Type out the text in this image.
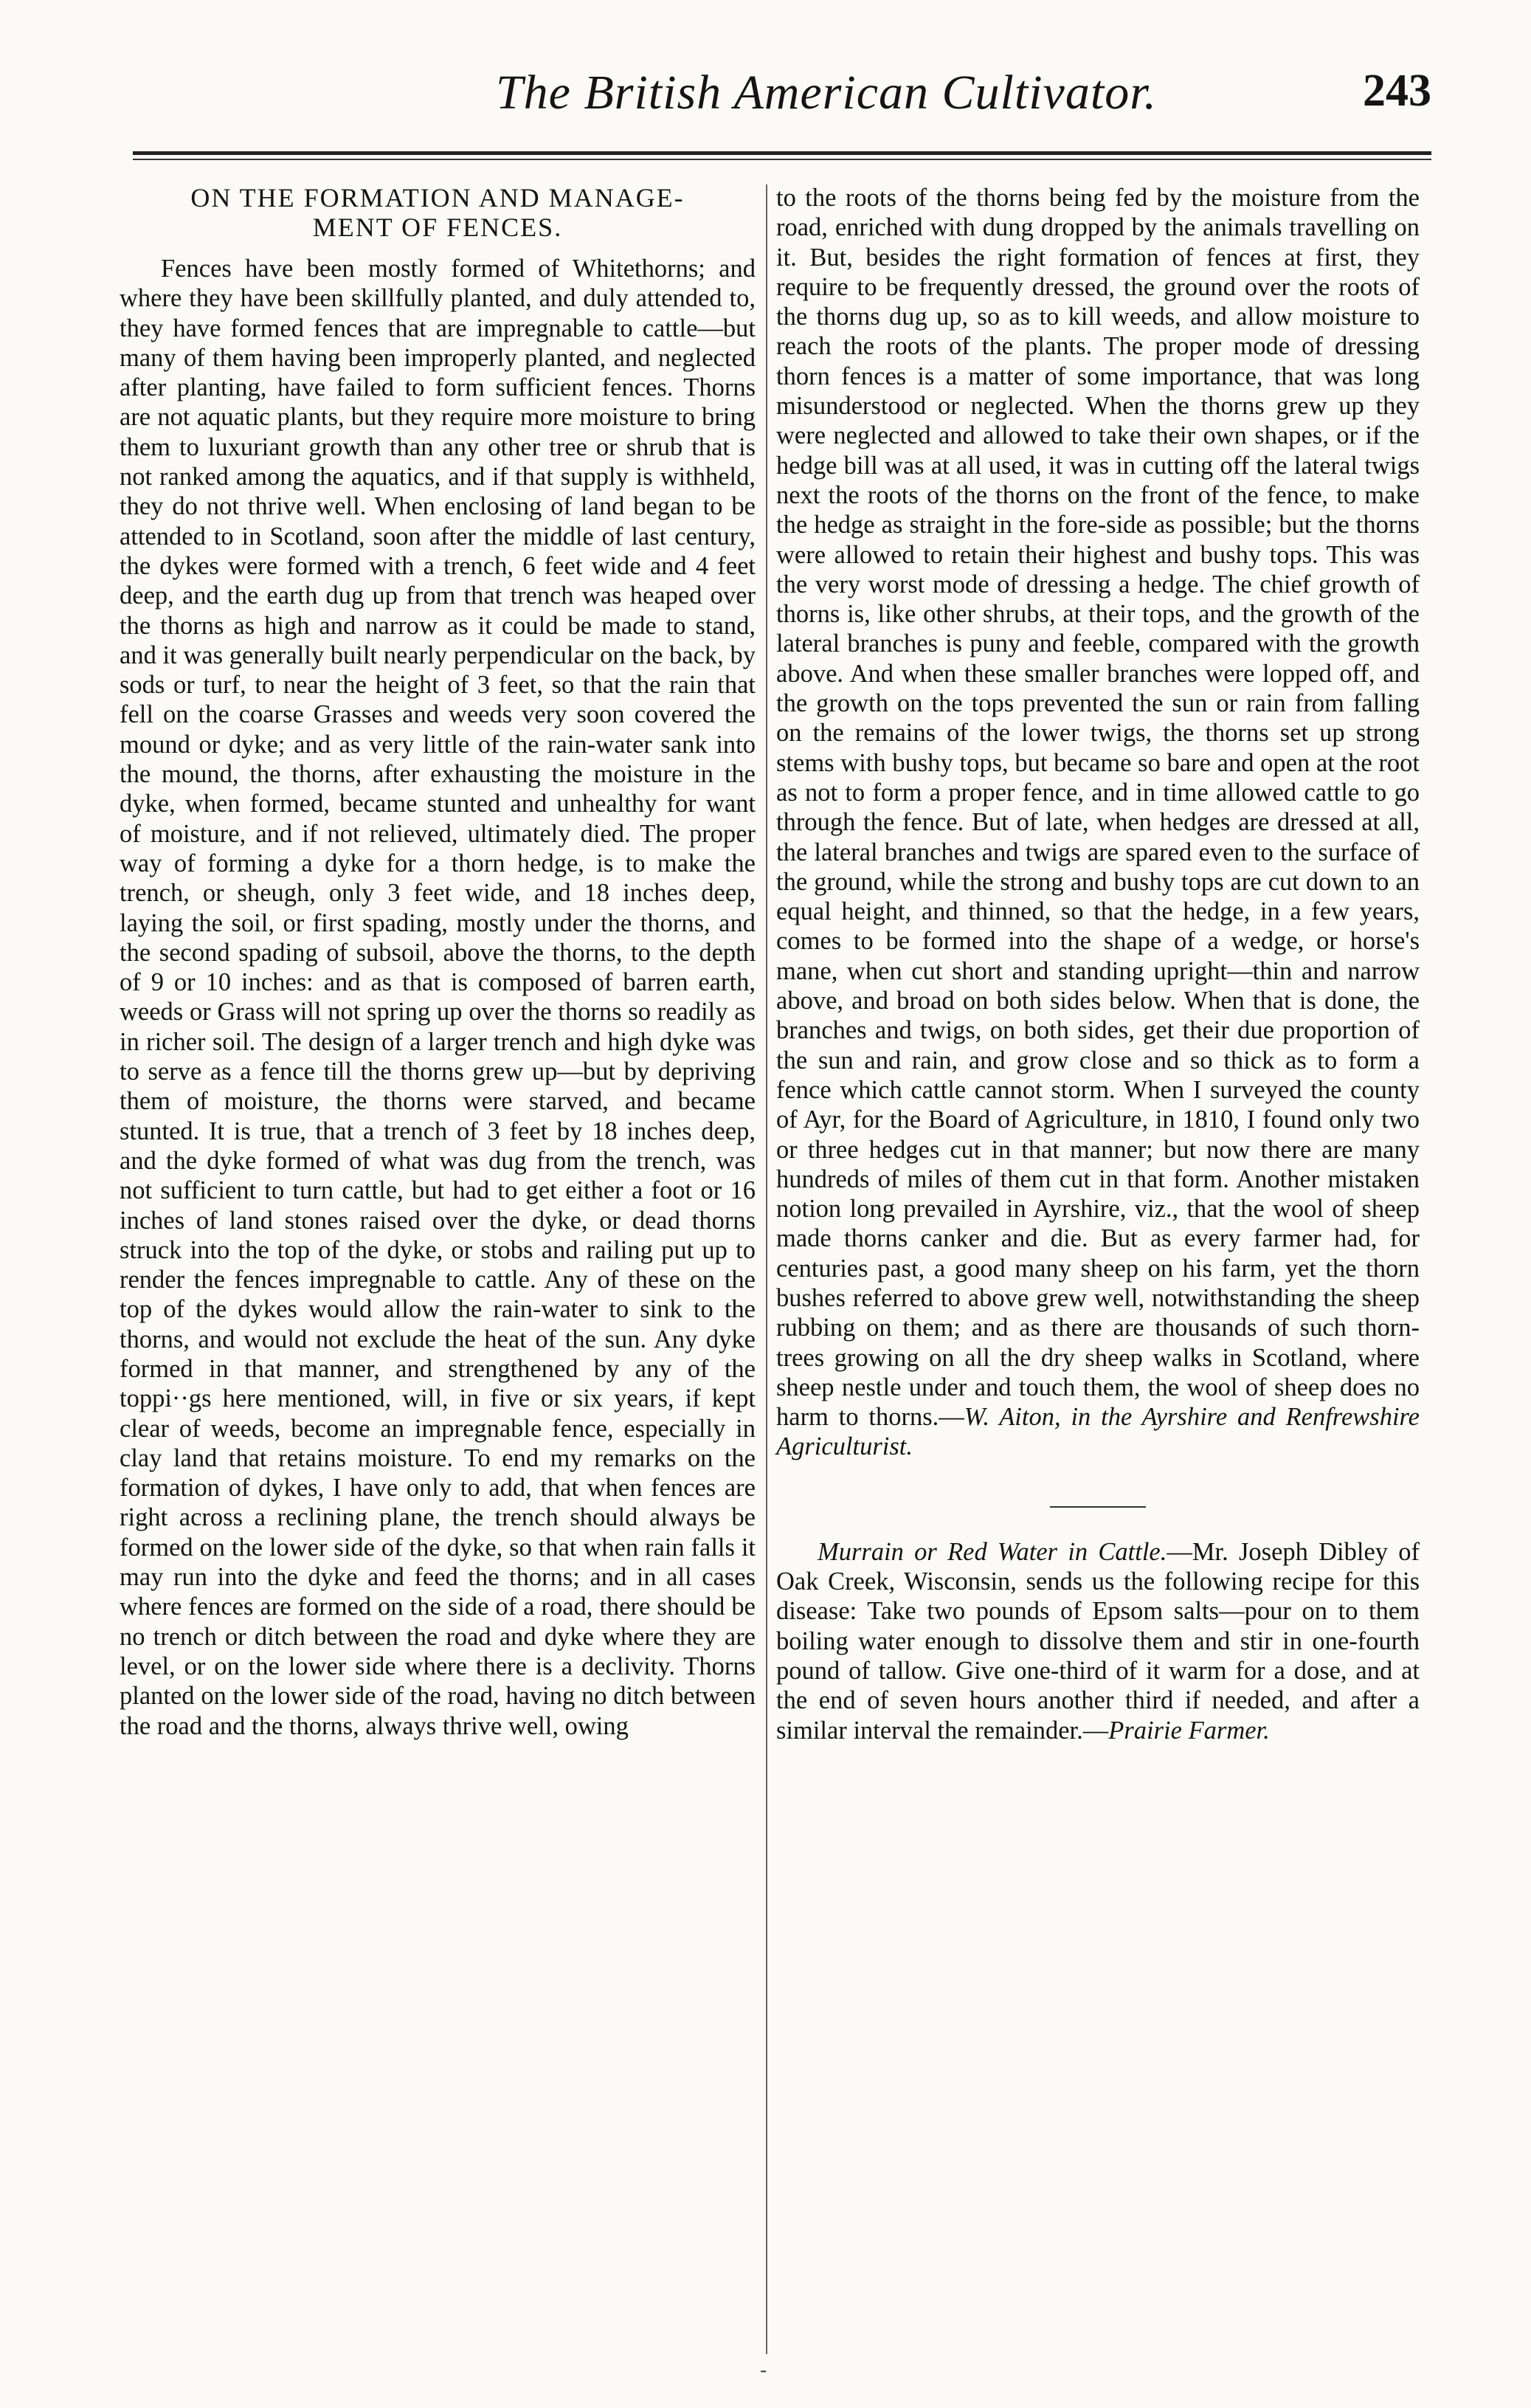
The British American Cultivator.	243
ON THE FORMATION AND MANAGE-
MENT OF FENCES.

Fences have been mostly formed of Whitethorns; and where they have been skillfully planted, and duly attended to, they have formed fences that are impregnable to cattle—but many of them having been improperly planted, and neglected after planting, have failed to form sufficient fences. Thorns are not aquatic plants, but they require more moisture to bring them to luxuriant growth than any other tree or shrub that is not ranked among the aquatics, and if that supply is withheld, they do not thrive well. When enclosing of land began to be attended to in Scotland, soon after the middle of last century, the dykes were formed with a trench, 6 feet wide and 4 feet deep, and the earth dug up from that trench was heaped over the thorns as high and narrow as it could be made to stand, and it was generally built nearly perpendicular on the back, by sods or turf, to near the height of 3 feet, so that the rain that fell on the coarse Grasses and weeds very soon covered the mound or dyke; and as very little of the rain-water sank into the mound, the thorns, after exhausting the moisture in the dyke, when formed, became stunted and unhealthy for want of moisture, and if not relieved, ultimately died. The proper way of forming a dyke for a thorn hedge, is to make the trench, or sheugh, only 3 feet wide, and 18 inches deep, laying the soil, or first spading, mostly under the thorns, and the second spading of subsoil, above the thorns, to the depth of 9 or 10 inches: and as that is composed of barren earth, weeds or Grass will not spring up over the thorns so readily as in richer soil. The design of a larger trench and high dyke was to serve as a fence till the thorns grew up—but by depriving them of moisture, the thorns were starved, and became stunted. It is true, that a trench of 3 feet by 18 inches deep, and the dyke formed of what was dug from the trench, was not sufficient to turn cattle, but had to get either a foot or 16 inches of land stones raised over the dyke, or dead thorns struck into the top of the dyke, or stobs and railing put up to render the fences impregnable to cattle. Any of these on the top of the dykes would allow the rain-water to sink to the thorns, and would not exclude the heat of the sun. Any dyke formed in that manner, and strengthened by any of the toppi··gs here mentioned, will, in five or six years, if kept clear of weeds, become an impregnable fence, especially in clay land that retains moisture. To end my remarks on the formation of dykes, I have only to add, that when fences are right across a reclining plane, the trench should always be formed on the lower side of the dyke, so that when rain falls it may run into the dyke and feed the thorns; and in all cases where fences are formed on the side of a road, there should be no trench or ditch between the road and dyke where they are level, or on the lower side where there is a declivity. Thorns planted on the lower side of the road, having no ditch between the road and the thorns, always thrive well, owing

to the roots of the thorns being fed by the moisture from the road, enriched with dung dropped by the animals travelling on it. But, besides the right formation of fences at first, they require to be frequently dressed, the ground over the roots of the thorns dug up, so as to kill weeds, and allow moisture to reach the roots of the plants. The proper mode of dressing thorn fences is a matter of some importance, that was long misunderstood or neglected. When the thorns grew up they were neglected and allowed to take their own shapes, or if the hedge bill was at all used, it was in cutting off the lateral twigs next the roots of the thorns on the front of the fence, to make the hedge as straight in the fore-side as possible; but the thorns were allowed to retain their highest and bushy tops. This was the very worst mode of dressing a hedge. The chief growth of thorns is, like other shrubs, at their tops, and the growth of the lateral branches is puny and feeble, compared with the growth above. And when these smaller branches were lopped off, and the growth on the tops prevented the sun or rain from falling on the remains of the lower twigs, the thorns set up strong stems with bushy tops, but became so bare and open at the root as not to form a proper fence, and in time allowed cattle to go through the fence. But of late, when hedges are dressed at all, the lateral branches and twigs are spared even to the surface of the ground, while the strong and bushy tops are cut down to an equal height, and thinned, so that the hedge, in a few years, comes to be formed into the shape of a wedge, or horse's mane, when cut short and standing upright—thin and narrow above, and broad on both sides below. When that is done, the branches and twigs, on both sides, get their due proportion of the sun and rain, and grow close and so thick as to form a fence which cattle cannot storm. When I surveyed the county of Ayr, for the Board of Agriculture, in 1810, I found only two or three hedges cut in that manner; but now there are many hundreds of miles of them cut in that form. Another mistaken notion long prevailed in Ayrshire, viz., that the wool of sheep made thorns canker and die. But as every farmer had, for centuries past, a good many sheep on his farm, yet the thorn bushes referred to above grew well, notwithstanding the sheep rubbing on them; and as there are thousands of such thorn-trees growing on all the dry sheep walks in Scotland, where sheep nestle under and touch them, the wool of sheep does no harm to thorns.—W. Aiton, in the Ayrshire and Renfrewshire Agriculturist.

Murrain or Red Water in Cattle.—Mr. Joseph Dibley of Oak Creek, Wisconsin, sends us the following recipe for this disease: Take two pounds of Epsom salts—pour on to them boiling water enough to dissolve them and stir in one-fourth pound of tallow. Give one-third of it warm for a dose, and at the end of seven hours another third if needed, and after a similar interval the remainder.—Prairie Farmer.

-
